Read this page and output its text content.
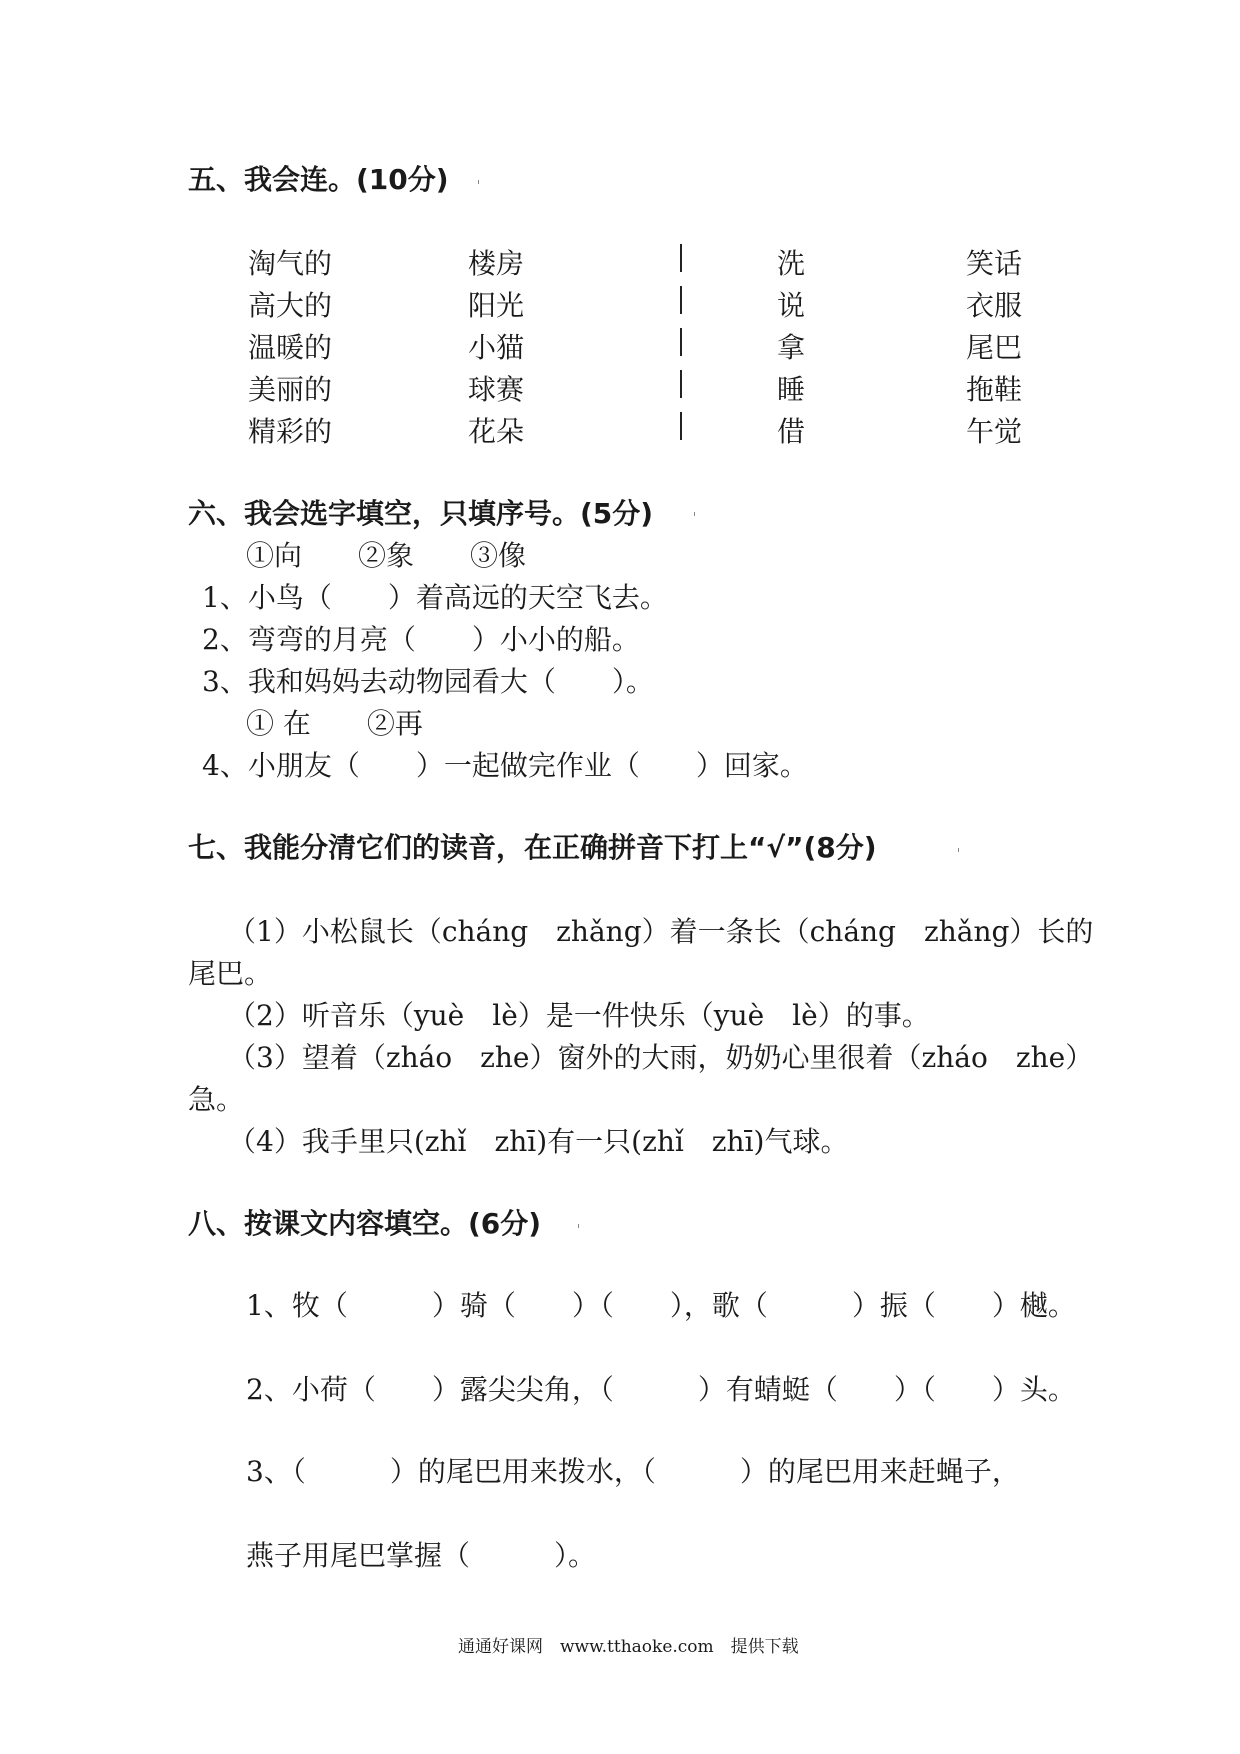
五、我会连。(10分)
淘气的	楼房	洗	笑话
高大的	阳光	说	衣服
温暖的	小猫	拿	尾巴
美丽的	球赛	睡	拖鞋
精彩的	花朵	借	午觉
六、我会选字填空，只填序号。(5分)
①向　　②象　　③像
1、小鸟（　　）着高远的天空飞去。
2、弯弯的月亮（　　）小小的船。
3、我和妈妈去动物园看大（　　）。
① 在　　②再
4、小朋友（　　）一起做完作业（　　）回家。
七、我能分清它们的读音，在正确拼音下打上“√”(8分)
（1）小松鼠长（cháng　zhǎng）着一条长（cháng　zhǎng）长的
尾巴。
（2）听音乐（yuè　lè）是一件快乐（yuè　lè）的事。
（3）望着（zháo　zhe）窗外的大雨，奶奶心里很着（zháo　zhe）
急。
（4）我手里只(zhǐ　zhī)有一只(zhǐ　zhī)气球。
八、按课文内容填空。(6分)
1、牧（　　　）骑（　　）（　　），歌（　　　）振（　　）樾。
2、小荷（　　）露尖尖角，（　　　）有蜻蜓（　　）（　　）头。
3、（　　　）的尾巴用来拨水，（　　　）的尾巴用来赶蝇子，
燕子用尾巴掌握（　　　）。
通通好课网　www.tthaoke.com　提供下载
